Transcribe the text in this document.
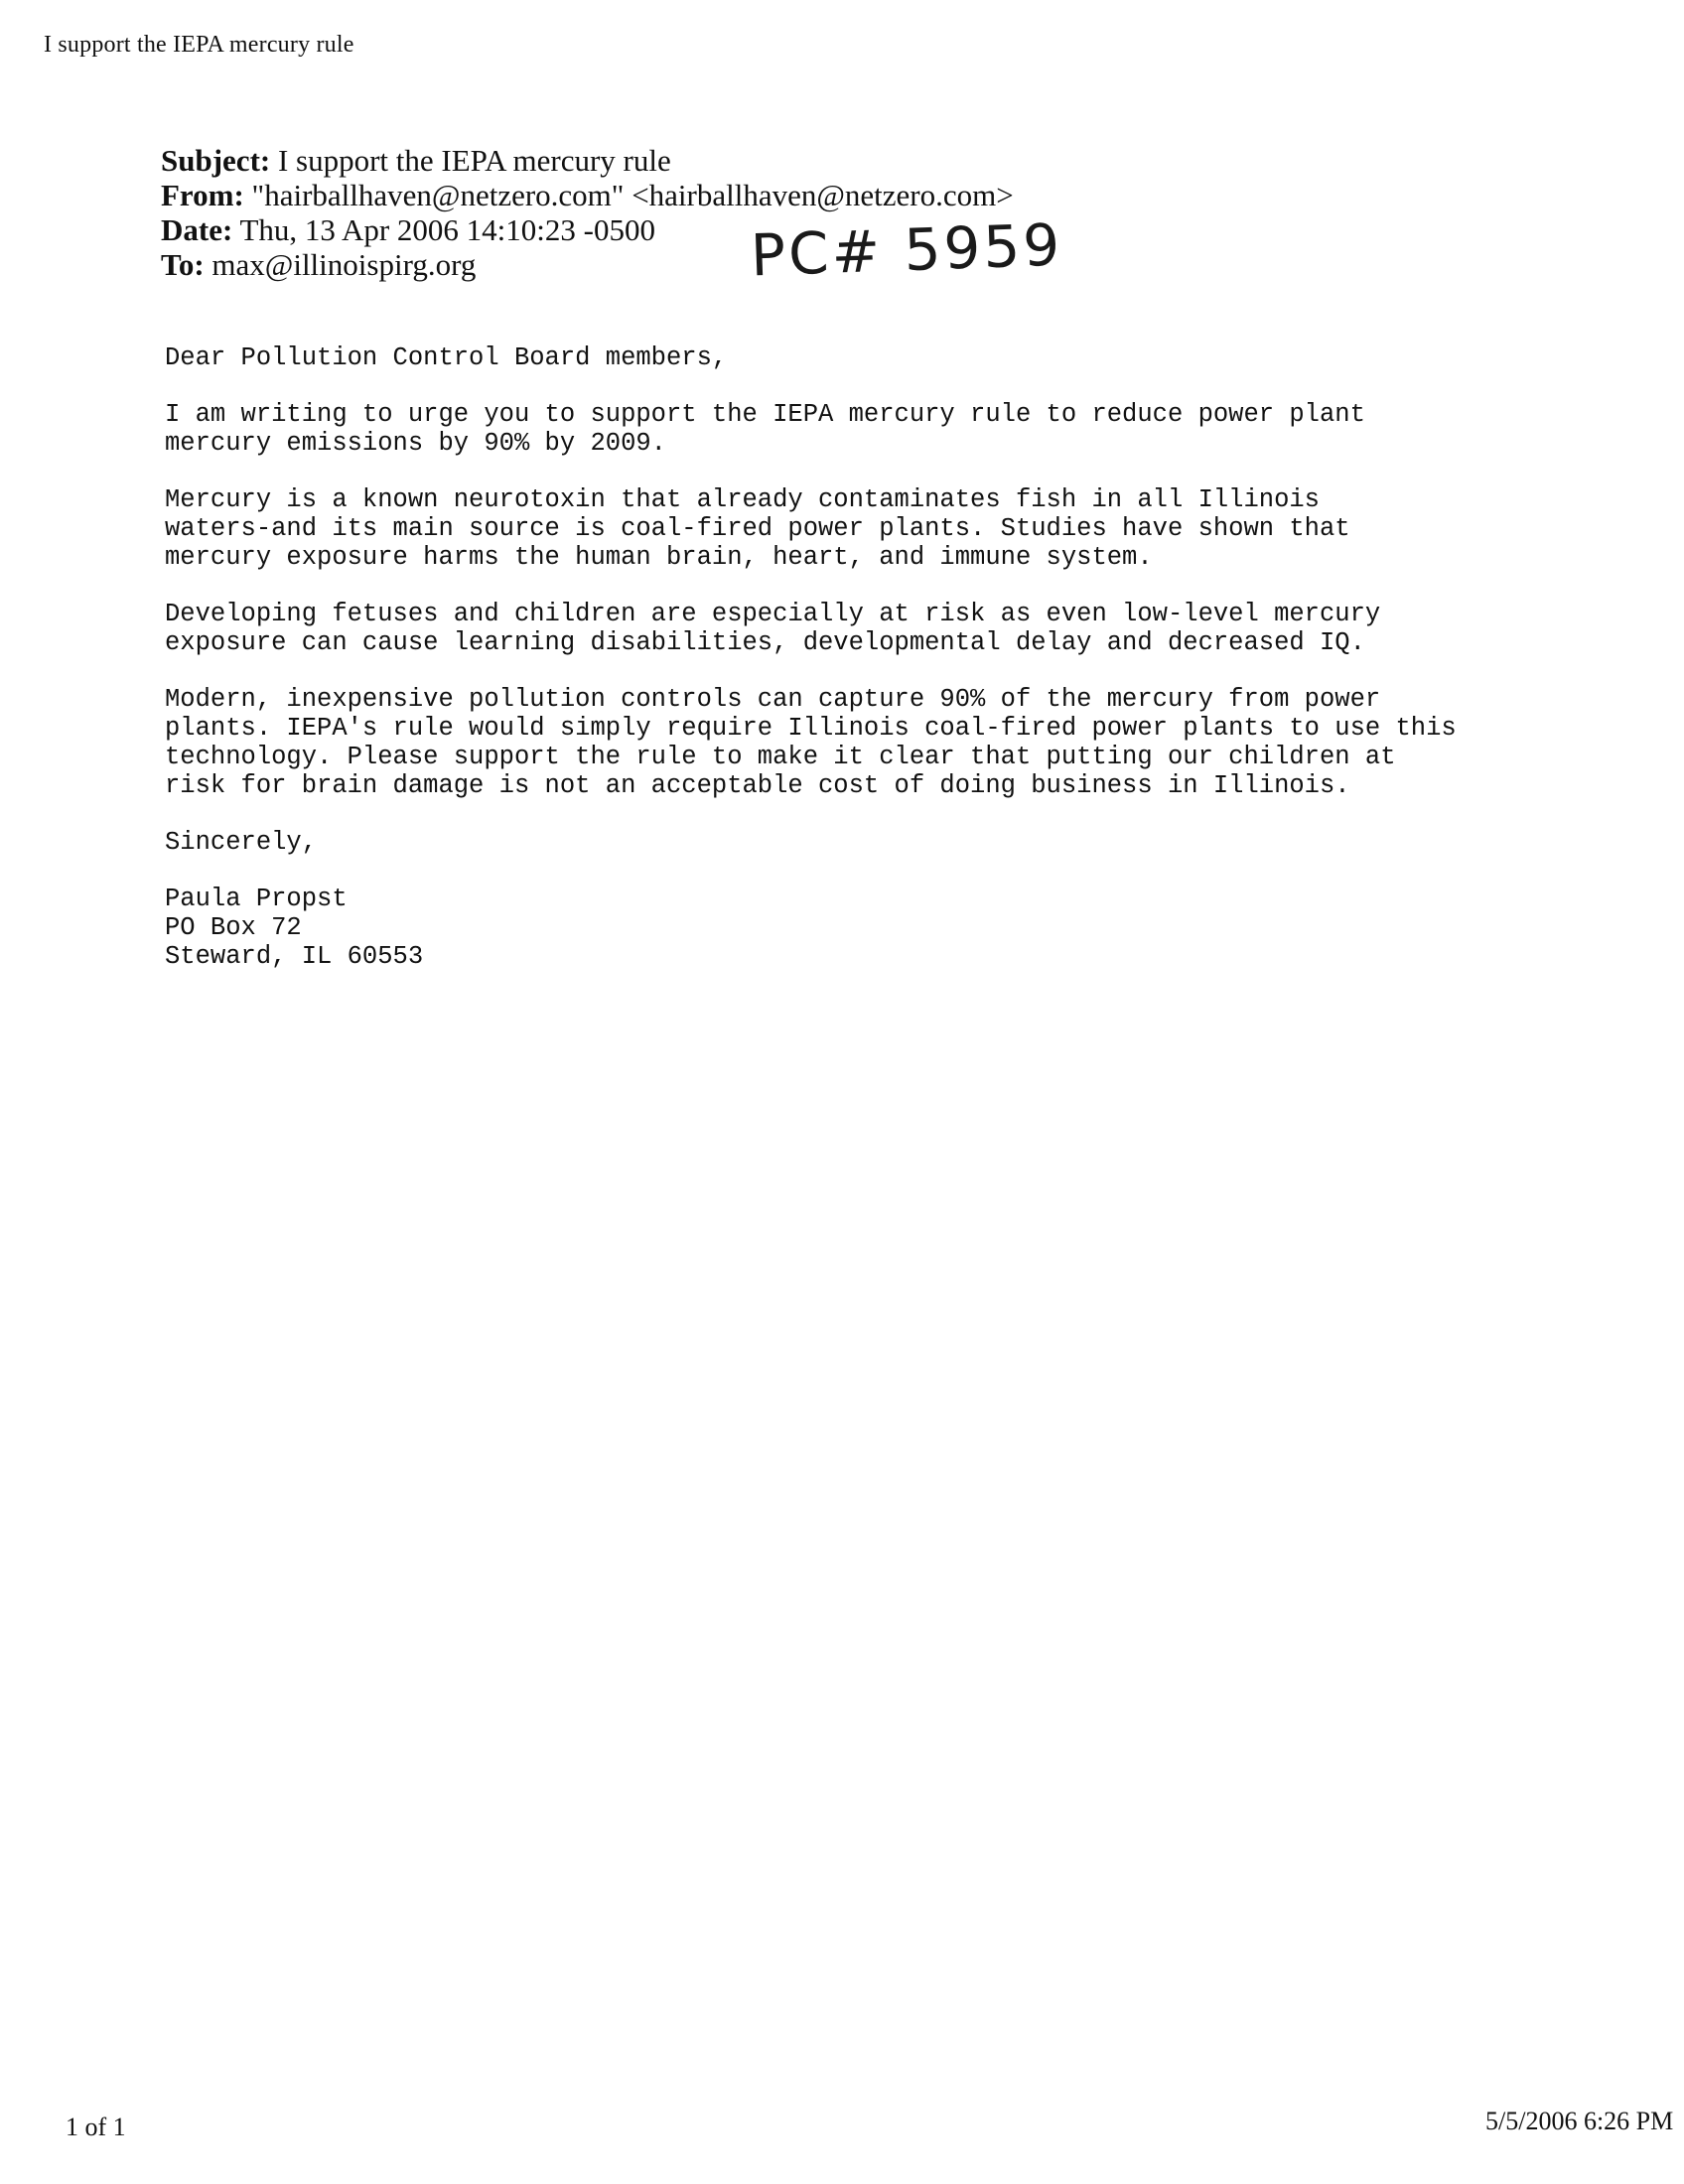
I support the IEPA mercury rule
Subject: I support the IEPA mercury rule
From: "hairballhaven@netzero.com" <hairballhaven@netzero.com>
Date: Thu, 13 Apr 2006 14:10:23 -0500
To: max@illinoispirg.org	PC# 5959

Dear Pollution Control Board members,

I am writing to urge you to support the IEPA mercury rule to reduce power plant
mercury emissions by 90% by 2009.

Mercury is a known neurotoxin that already contaminates fish in all Illinois
waters-and its main source is coal-fired power plants. Studies have shown that
mercury exposure harms the human brain, heart, and immune system.

Developing fetuses and children are especially at risk as even low-level mercury
exposure can cause learning disabilities, developmental delay and decreased IQ.

Modern, inexpensive pollution controls can capture 90% of the mercury from power
plants. IEPA's rule would simply require Illinois coal-fired power plants to use this
technology. Please support the rule to make it clear that putting our children at
risk for brain damage is not an acceptable cost of doing business in Illinois.

Sincerely,

Paula Propst

PO Box 72

Steward, IL 60553

1 of 1	5/5/2006 6:26 PM
